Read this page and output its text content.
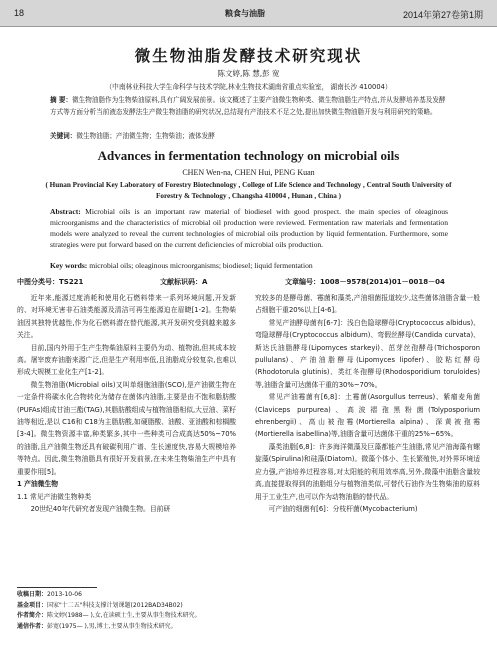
18	粮食与油脂	2014年第27卷第1期
微生物油脂发酵技术研究现状
陈文婷,陈 慧,彭 宽
（中南林业科技大学生命科学与技术学院,林业生物技术湖南省重点实验室， 湖南长沙 410004）
摘 要：微生物油脂作为生物柴油原料,具有广阔发展前景。该文概述了主要产油微生物种类、微生物油脂生产特点,并从发酵培养基及发酵方式等方面分析当前液态发酵法生产微生物油脂的研究状况,总结现有产油技术不足之处,提出加快微生物油脂开发与利用研究的策略。
关键词：微生物油脂；产油微生物；生物柴油；液体发酵
Advances in fermentation technology on microbial oils
CHEN Wen-na, CHEN Hui, PENG Kuan
( Hunan Provincial Key Laboratory of Forestry Biotechnology , College of Life Science and Technology , Central South University of Forestry & Technology , Changsha 410004 , Hunan , China )
Abstract: Microbial oils is an important raw material of biodiesel with good prospect. the main species of oleaginous microorganisms and the characteristics of microbial oil production were reviewed. Fermentation raw materials and fermentation models were analyzed to reveal the current technologies of microbial oils production by liquid fermentation. Furthermore, some strategies were put forward based on the current deficiencies of microbial oils production.
Key words: microbial oils; oleaginous microorganisms; biodiesel; liquid fermentation
中图分类号：TS221	文献标识码：A	文章编号：1008－9578(2014)01－0018－04

近年来,能源过度消耗和使用化石燃料带来一系列环境问题,开发新的、对环境无害非石油类能源及清洁可再生能源迫在眉睫[1-2]。生物柴油因其独特优越性,作为化石燃料潜在替代能源,其开发研究受到越来越多关注。

目前,国内外用于生产生物柴油原料主要仍为动、植物油,但其成本较高。屠宰废弃油脂来源广泛,但是生产利用率低,且油脂成分较复杂,也难以形成大规模工业化生产[1-2]。

微生物油脂(Microbial oils)又叫单细胞油脂(SCO),是产油微生物在一定条件将碳水化合物转化为储存在菌体内油脂,主要是由不饱和脂肪酸(PUFAs)组成甘油三酯(TAG),其脂肪酸组成与植物油脂相似,大豆油、菜籽油等相近,是以 C16和 C18为主脂肪酸,如硬脂酸、油酸、亚油酸和棕榈酸[3-4]。微生物资源丰富,种类繁多,其中一些种类可合成高达50%~70%的油脂,且产油微生物还具有破碳利用广谱、生长速度快,容易大规模培养等特点。因此,微生物油脂具有很好开发前景,在未来生物柴油生产中具有重要作用[5]。

1 产油微生物

1.1 常见产油微生物种类

20世纪40年代研究者发现产油微生物。目前研

究较多的是酵母菌、霉菌和藻类,产油细菌报道较少,这些菌体油脂含量一般占细胞干重20%以上[4-6]。

常见产油酵母菌有[6-7]：浅白色隐球酵母(Cryptococcus albidus)、弯隐球酵母(Cryptococcus albidum)、弯假丝酵母(Candida curvata)、斯达氏油脂酵母(Lipomyces starkeyi)、茁芽丝孢酵母(Trichosporon pullulans)、产油油脂酵母(Lipomyces lipofer)、胶粘红酵母(Rhodotorula glutinis)、类红冬孢酵母(Rhodosporidium toruloides)等,油脂含量可达菌体干重的30%~70%。

常见产油霉菌有[6,8]：土霉菌(Asorgullus terreus)、紫瘤麦角菌(Claviceps purpurea)、高波褶孢黑粉菌(Tolyposporium ehrenbergii)、高山被孢霉(Mortierella alpina)、深黄被孢霉(Mortierella isabellina)等,油脂含量可达菌体干重的25%~65%。

藻类油脂[6,8]：许多海洋微藻及巨藻都能产生油脂,常见产油海藻有螺旋藻(Spirulina)和硅藻(Diatom)。微藻个体小、生长繁殖快,对外界环境适应力强,产油培养过程容易,对太阳能的利用效率高,另外,微藻中油脂含量较高,直接提取得到的油脂组分与植物油类似,可替代石油作为生物柴油的原料用于工业生产,也可以作为动物油脂的替代品。

可产油的细菌有[6]：分枝杆菌(Mycobacterium)

收稿日期：2013-10-06
基金项目：国家"十二五"科技支撑计划课题(2012BAD34B02)
作者简介：陈文婷(1988— ),女,在读硕士生,主要从事生物技术研究。
通信作者：彭宽(1975— ),男,博士,主要从事生物技术研究。
